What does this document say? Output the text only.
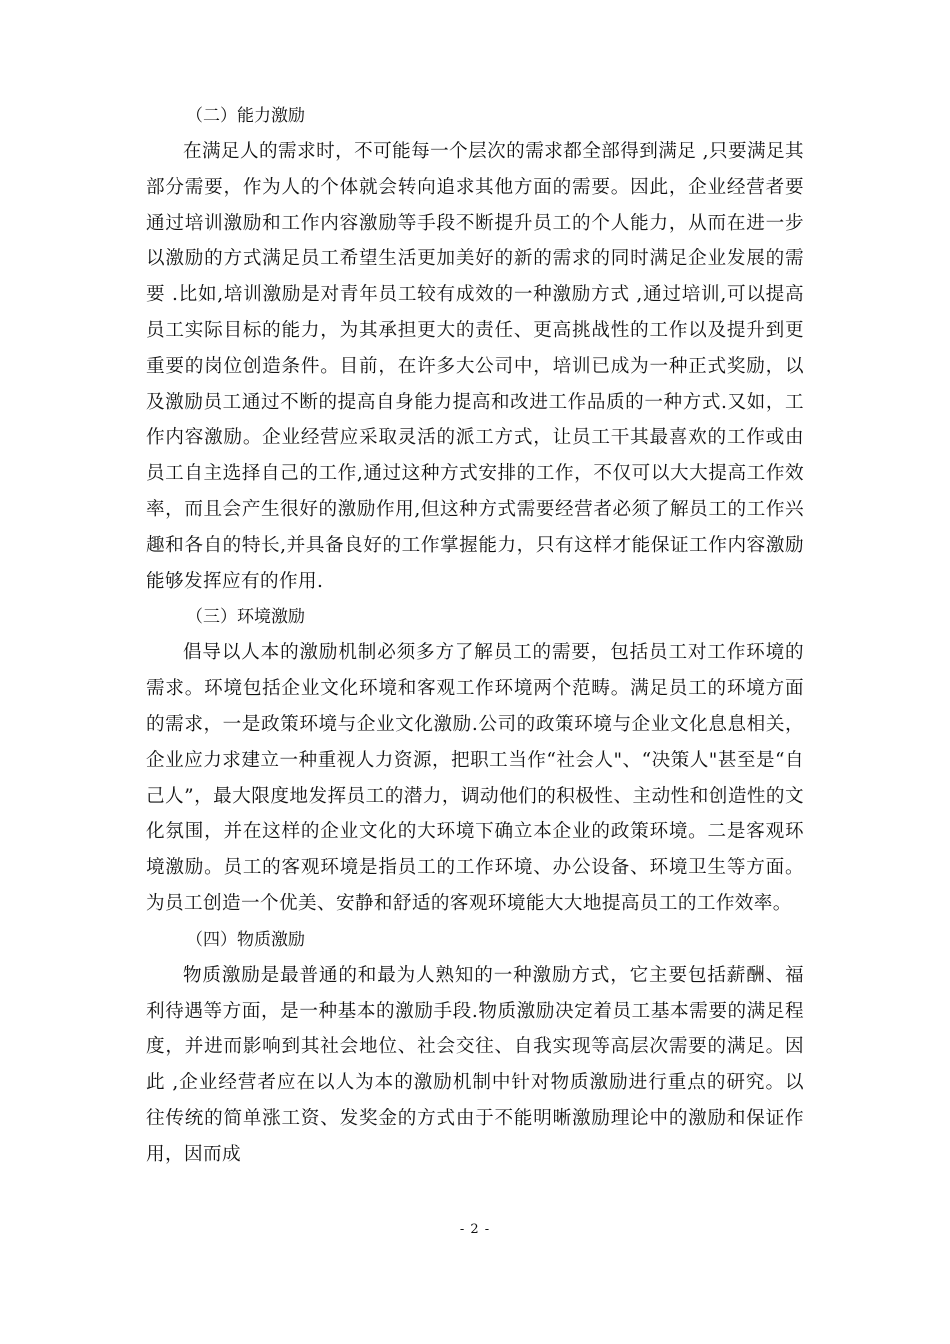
（二）能力激励

在满足人的需求时，不可能每一个层次的需求都全部得到满足 ,只要满足其部分需要，作为人的个体就会转向追求其他方面的需要。因此，企业经营者要通过培训激励和工作内容激励等手段不断提升员工的个人能力，从而在进一步以激励的方式满足员工希望生活更加美好的新的需求的同时满足企业发展的需要 .比如,培训激励是对青年员工较有成效的一种激励方式 ,通过培训,可以提高员工实际目标的能力，为其承担更大的责任、更高挑战性的工作以及提升到更重要的岗位创造条件。目前，在许多大公司中，培训已成为一种正式奖励，以及激励员工通过不断的提高自身能力提高和改进工作品质的一种方式.又如，工作内容激励。企业经营应采取灵活的派工方式，让员工干其最喜欢的工作或由员工自主选择自己的工作,通过这种方式安排的工作，不仅可以大大提高工作效率，而且会产生很好的激励作用,但这种方式需要经营者必须了解员工的工作兴趣和各自的特长,并具备良好的工作掌握能力，只有这样才能保证工作内容激励能够发挥应有的作用.

（三）环境激励

倡导以人本的激励机制必须多方了解员工的需要，包括员工对工作环境的需求。环境包括企业文化环境和客观工作环境两个范畴。满足员工的环境方面的需求，一是政策环境与企业文化激励.公司的政策环境与企业文化息息相关，企业应力求建立一种重视人力资源，把职工当作“社会人"、“决策人"甚至是“自己人”，最大限度地发挥员工的潜力，调动他们的积极性、主动性和创造性的文化氛围，并在这样的企业文化的大环境下确立本企业的政策环境。二是客观环境激励。员工的客观环境是指员工的工作环境、办公设备、环境卫生等方面。为员工创造一个优美、安静和舒适的客观环境能大大地提高员工的工作效率。

（四）物质激励

物质激励是最普通的和最为人熟知的一种激励方式，它主要包括薪酬、福利待遇等方面，是一种基本的激励手段.物质激励决定着员工基本需要的满足程度，并进而影响到其社会地位、社会交往、自我实现等高层次需要的满足。因此 ,企业经营者应在以人为本的激励机制中针对物质激励进行重点的研究。以往传统的简单涨工资、发奖金的方式由于不能明晰激励理论中的激励和保证作用，因而成

- 2 -
